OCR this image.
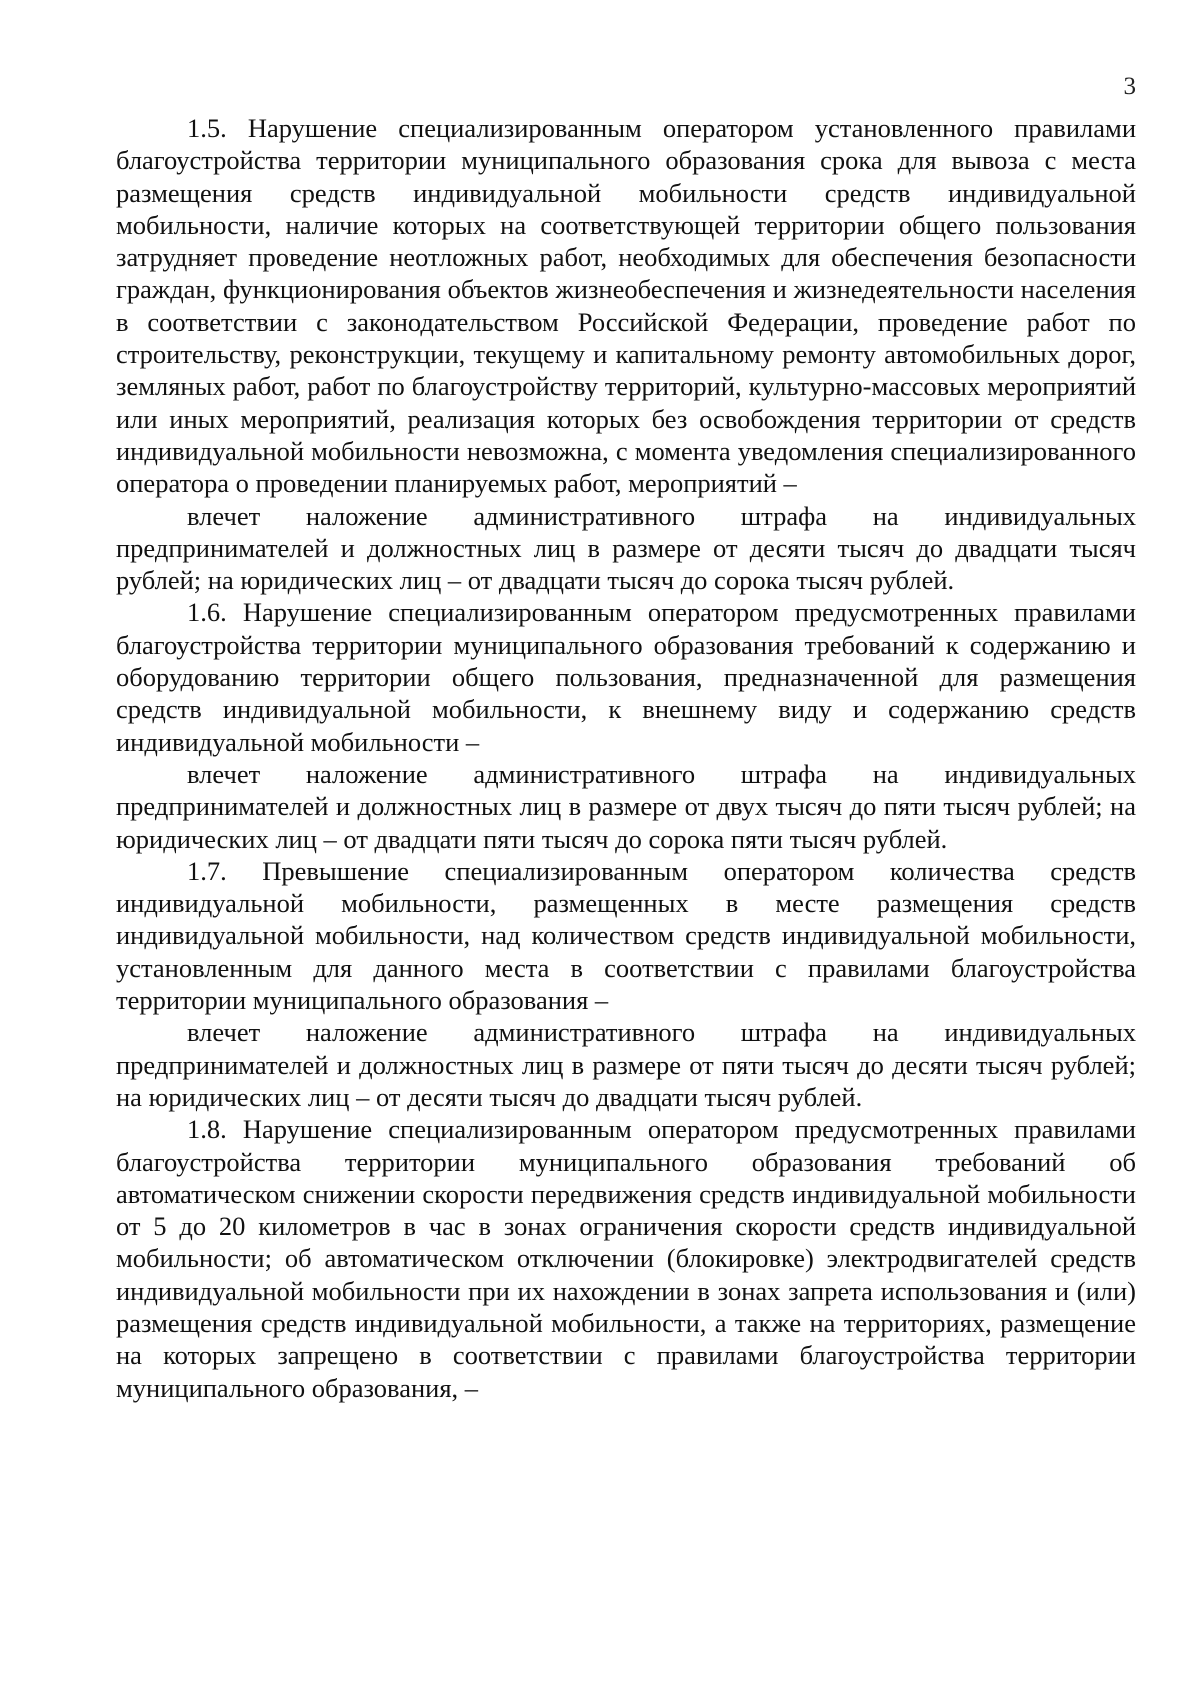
3

1.5. Нарушение специализированным оператором установленного правилами благоустройства территории муниципального образования срока для вывоза с места размещения средств индивидуальной мобильности средств индивидуальной мобильности, наличие которых на соответствующей территории общего пользования затрудняет проведение неотложных работ, необходимых для обеспечения безопасности граждан, функционирования объектов жизнеобеспечения и жизнедеятельности населения в соответствии с законодательством Российской Федерации, проведение работ по строительству, реконструкции, текущему и капитальному ремонту автомобильных дорог, земляных работ, работ по благоустройству территорий, культурно-массовых мероприятий или иных мероприятий, реализация которых без освобождения территории от средств индивидуальной мобильности невозможна, с момента уведомления специализированного оператора о проведении планируемых работ, мероприятий –

влечет наложение административного штрафа на индивидуальных предпринимателей и должностных лиц в размере от десяти тысяч до двадцати тысяч рублей; на юридических лиц – от двадцати тысяч до сорока тысяч рублей.

1.6. Нарушение специализированным оператором предусмотренных правилами благоустройства территории муниципального образования требований к содержанию и оборудованию территории общего пользования, предназначенной для размещения средств индивидуальной мобильности, к внешнему виду и содержанию средств индивидуальной мобильности –

влечет наложение административного штрафа на индивидуальных предпринимателей и должностных лиц в размере от двух тысяч до пяти тысяч рублей; на юридических лиц – от двадцати пяти тысяч до сорока пяти тысяч рублей.

1.7. Превышение специализированным оператором количества средств индивидуальной мобильности, размещенных в месте размещения средств индивидуальной мобильности, над количеством средств индивидуальной мобильности, установленным для данного места в соответствии с правилами благоустройства территории муниципального образования –

влечет наложение административного штрафа на индивидуальных предпринимателей и должностных лиц в размере от пяти тысяч до десяти тысяч рублей; на юридических лиц – от десяти тысяч до двадцати тысяч рублей.

1.8. Нарушение специализированным оператором предусмотренных правилами благоустройства территории муниципального образования требований об автоматическом снижении скорости передвижения средств индивидуальной мобильности от 5 до 20 километров в час в зонах ограничения скорости средств индивидуальной мобильности; об автоматическом отключении (блокировке) электродвигателей средств индивидуальной мобильности при их нахождении в зонах запрета использования и (или) размещения средств индивидуальной мобильности, а также на территориях, размещение на которых запрещено в соответствии с правилами благоустройства территории муниципального образования, –
